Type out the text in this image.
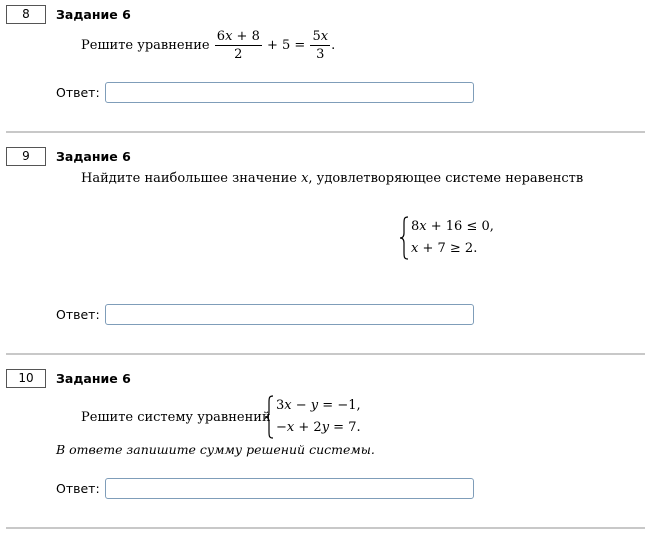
8	Задание 6
Решите уравнение $\frac{6x + 8}{2} + 5 = \frac{5x}{3}$ .
Ответ:
9	Задание 6
Найдите наибольшее значение x, удовлетворяющее системе неравенств
8x + 16 ≤ 0,
x + 7 ≥ 2.
Ответ:
10	Задание 6
Решите систему уравнений
3x − y = −1,
−x + 2y = 7.
В ответе запишите сумму решений системы.
Ответ:
